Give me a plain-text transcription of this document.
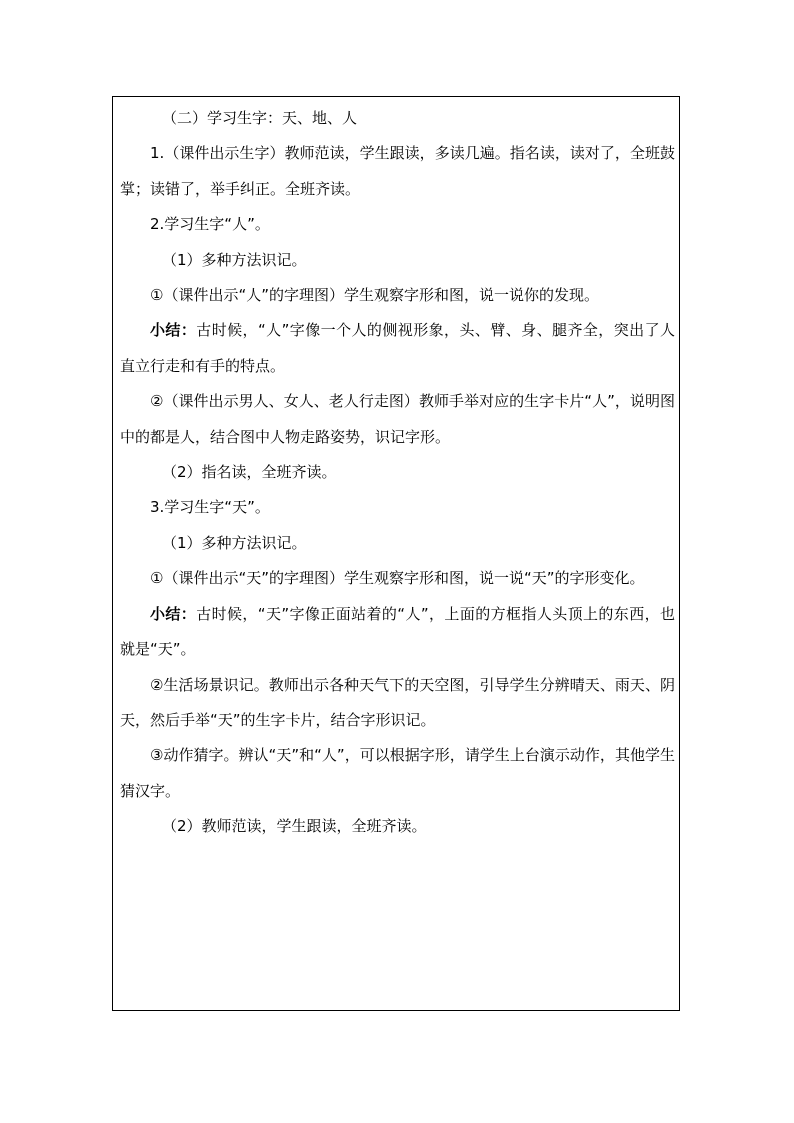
（二）学习生字：天、地、人

1.（课件出示生字）教师范读，学生跟读，多读几遍。指名读，读对了，全班鼓掌；读错了，举手纠正。全班齐读。

2.学习生字“人”。

（1）多种方法识记。

①（课件出示“人”的字理图）学生观察字形和图，说一说你的发现。

小结：古时候，“人”字像一个人的侧视形象，头、臂、身、腿齐全，突出了人直立行走和有手的特点。

②（课件出示男人、女人、老人行走图）教师手举对应的生字卡片“人”，说明图中的都是人，结合图中人物走路姿势，识记字形。

（2）指名读，全班齐读。

3.学习生字“天”。

（1）多种方法识记。

①（课件出示“天”的字理图）学生观察字形和图，说一说“天”的字形变化。

小结：古时候，“天”字像正面站着的“人”，上面的方框指人头顶上的东西，也就是“天”。

②生活场景识记。教师出示各种天气下的天空图，引导学生分辨晴天、雨天、阴天，然后手举“天”的生字卡片，结合字形识记。

③动作猜字。辨认“天”和“人”，可以根据字形，请学生上台演示动作，其他学生猜汉字。

（2）教师范读，学生跟读，全班齐读。
